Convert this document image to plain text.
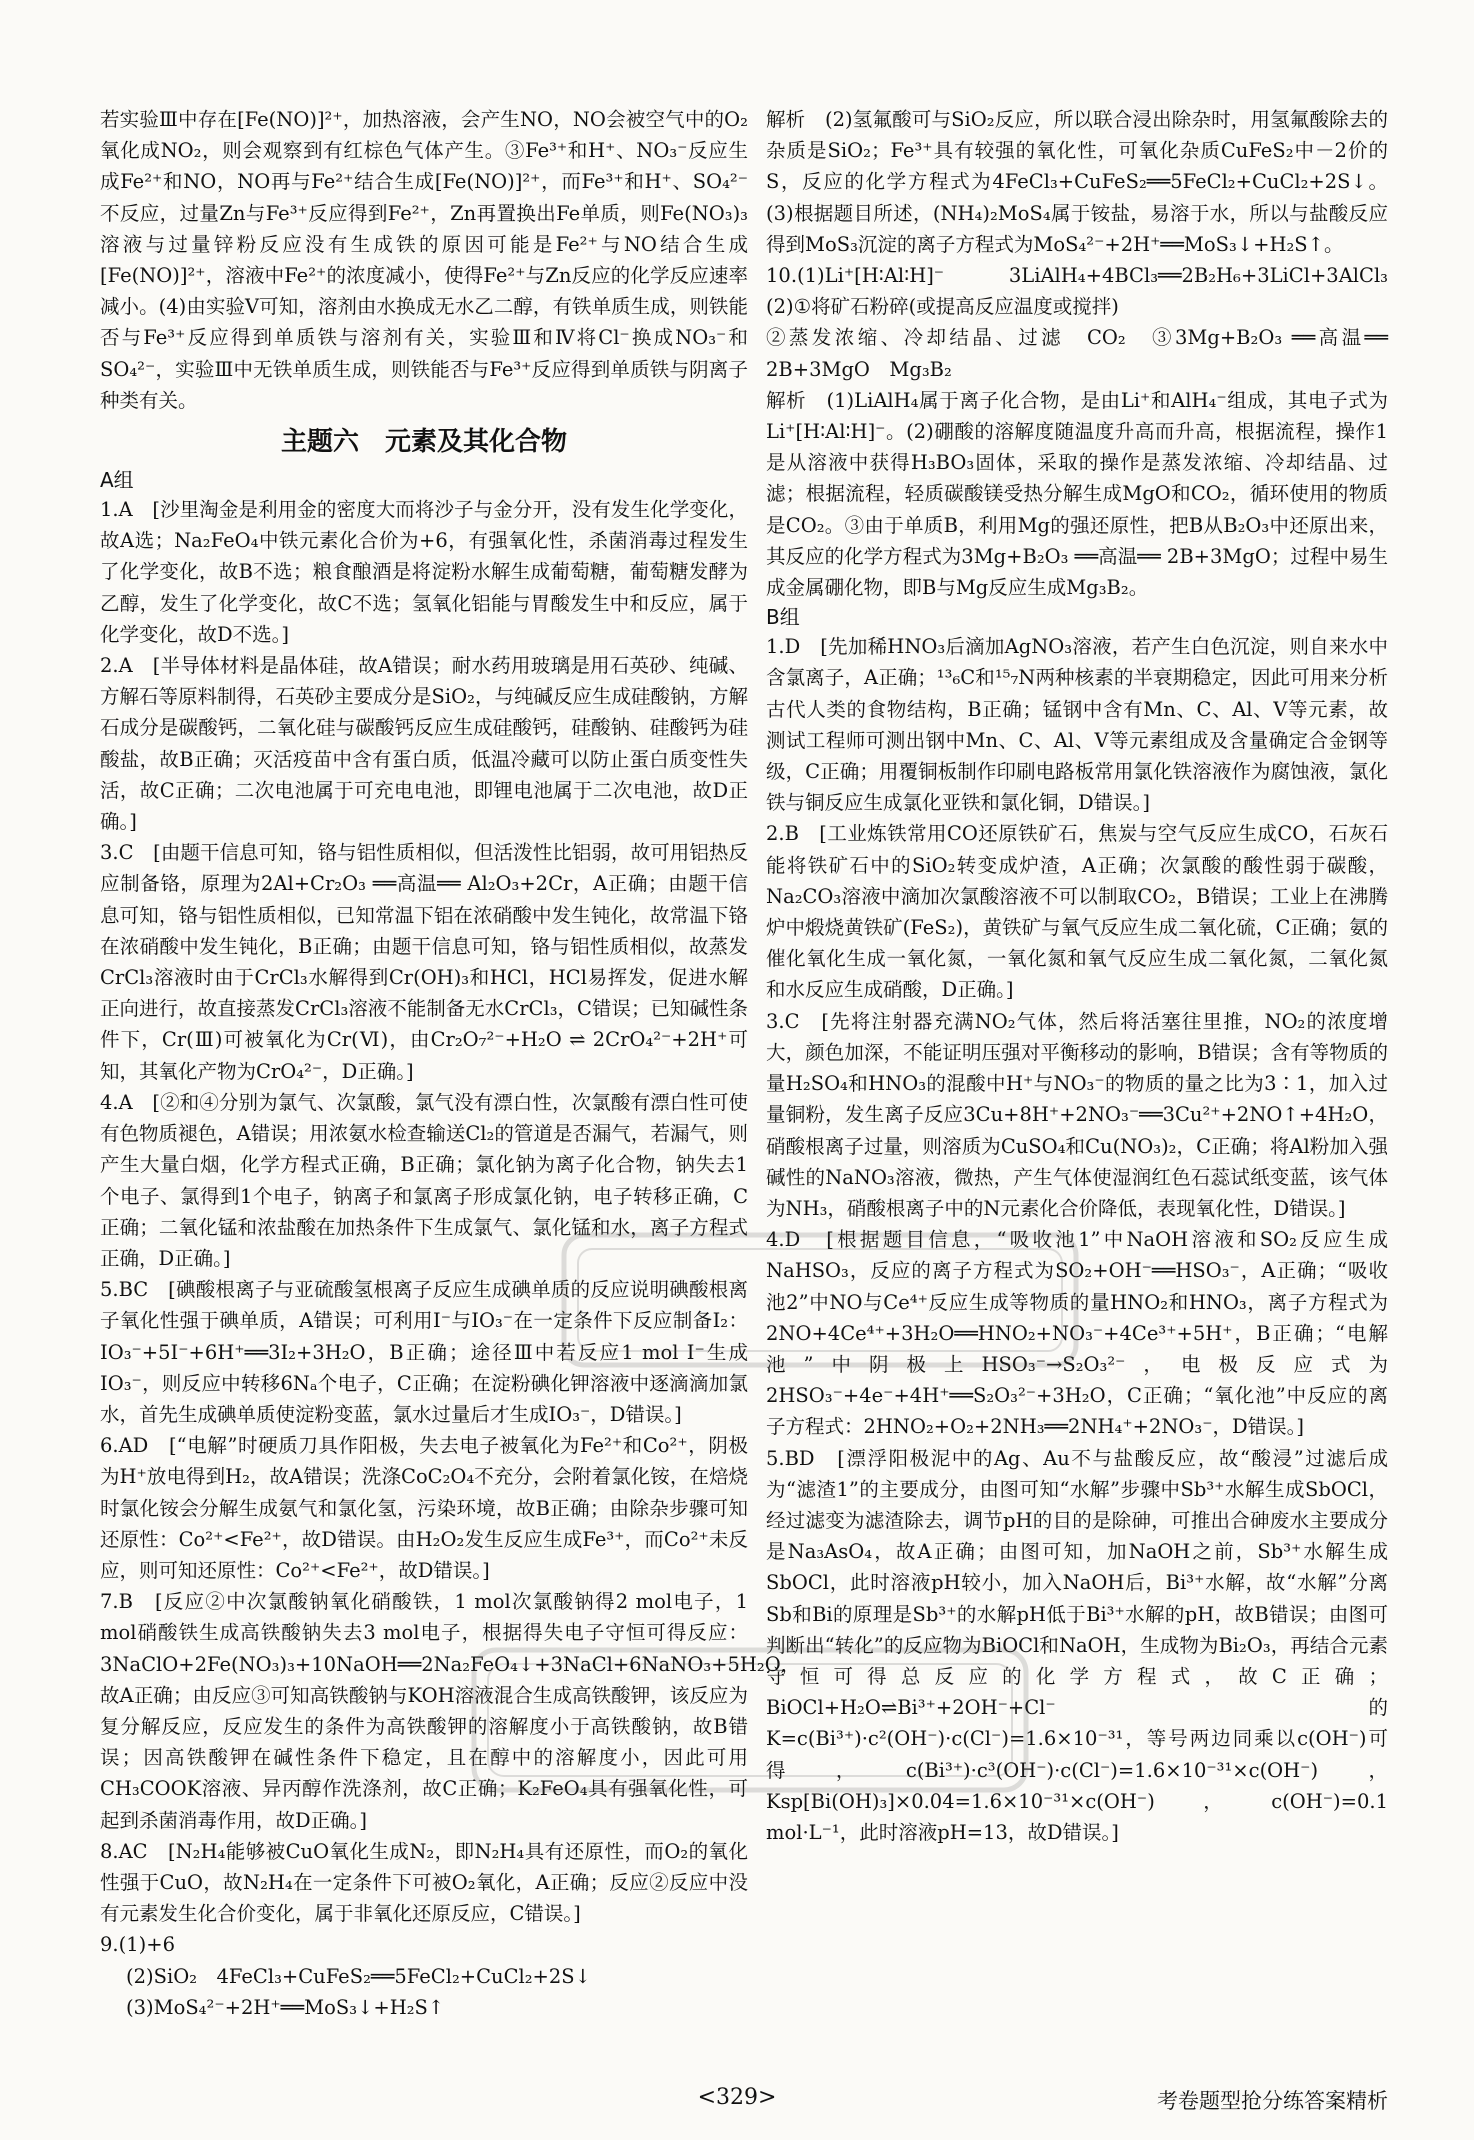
若实验Ⅲ中存在[Fe(NO)]²⁺，加热溶液，会产生NO，NO会被空气中的O₂氧化成NO₂，则会观察到有红棕色气体产生。③Fe³⁺和H⁺、NO₃⁻反应生成Fe²⁺和NO，NO再与Fe²⁺结合生成[Fe(NO)]²⁺，而Fe³⁺和H⁺、SO₄²⁻不反应，过量Zn与Fe³⁺反应得到Fe²⁺，Zn再置换出Fe单质，则Fe(NO₃)₃溶液与过量锌粉反应没有生成铁的原因可能是Fe²⁺与NO结合生成[Fe(NO)]²⁺，溶液中Fe²⁺的浓度减小，使得Fe²⁺与Zn反应的化学反应速率减小。(4)由实验Ⅴ可知，溶剂由水换成无水乙二醇，有铁单质生成，则铁能否与Fe³⁺反应得到单质铁与溶剂有关，实验Ⅲ和Ⅳ将Cl⁻换成NO₃⁻和SO₄²⁻，实验Ⅲ中无铁单质生成，则铁能否与Fe³⁺反应得到单质铁与阴离子种类有关。

主题六　元素及其化合物
A组

1.A　[沙里淘金是利用金的密度大而将沙子与金分开，没有发生化学变化，故A选；Na₂FeO₄中铁元素化合价为+6，有强氧化性，杀菌消毒过程发生了化学变化，故B不选；粮食酿酒是将淀粉水解生成葡萄糖，葡萄糖发酵为乙醇，发生了化学变化，故C不选；氢氧化铝能与胃酸发生中和反应，属于化学变化，故D不选。]

2.A　[半导体材料是晶体硅，故A错误；耐水药用玻璃是用石英砂、纯碱、方解石等原料制得，石英砂主要成分是SiO₂，与纯碱反应生成硅酸钠，方解石成分是碳酸钙，二氧化硅与碳酸钙反应生成硅酸钙，硅酸钠、硅酸钙为硅酸盐，故B正确；灭活疫苗中含有蛋白质，低温冷藏可以防止蛋白质变性失活，故C正确；二次电池属于可充电电池，即锂电池属于二次电池，故D正确。]

3.C　[由题干信息可知，铬与铝性质相似，但活泼性比铝弱，故可用铝热反应制备铬，原理为2Al+Cr₂O₃ ══高温══ Al₂O₃+2Cr，A正确；由题干信息可知，铬与铝性质相似，已知常温下铝在浓硝酸中发生钝化，故常温下铬在浓硝酸中发生钝化，B正确；由题干信息可知，铬与铝性质相似，故蒸发CrCl₃溶液时由于CrCl₃水解得到Cr(OH)₃和HCl，HCl易挥发，促进水解正向进行，故直接蒸发CrCl₃溶液不能制备无水CrCl₃，C错误；已知碱性条件下，Cr(Ⅲ)可被氧化为Cr(Ⅵ)，由Cr₂O₇²⁻+H₂O ⇌ 2CrO₄²⁻+2H⁺可知，其氧化产物为CrO₄²⁻，D正确。]

4.A　[②和④分别为氯气、次氯酸，氯气没有漂白性，次氯酸有漂白性可使有色物质褪色，A错误；用浓氨水检查输送Cl₂的管道是否漏气，若漏气，则产生大量白烟，化学方程式正确，B正确；氯化钠为离子化合物，钠失去1个电子、氯得到1个电子，钠离子和氯离子形成氯化钠，电子转移正确，C正确；二氧化锰和浓盐酸在加热条件下生成氯气、氯化锰和水，离子方程式正确，D正确。]

5.BC　[碘酸根离子与亚硫酸氢根离子反应生成碘单质的反应说明碘酸根离子氧化性强于碘单质，A错误；可利用I⁻与IO₃⁻在一定条件下反应制备I₂：IO₃⁻+5I⁻+6H⁺══3I₂+3H₂O，B正确；途径Ⅲ中若反应1 mol I⁻生成IO₃⁻，则反应中转移6Nₐ个电子，C正确；在淀粉碘化钾溶液中逐滴滴加氯水，首先生成碘单质使淀粉变蓝，氯水过量后才生成IO₃⁻，D错误。]

6.AD　[“电解”时硬质刀具作阳极，失去电子被氧化为Fe²⁺和Co²⁺，阴极为H⁺放电得到H₂，故A错误；洗涤CoC₂O₄不充分，会附着氯化铵，在焙烧时氯化铵会分解生成氨气和氯化氢，污染环境，故B正确；由除杂步骤可知还原性：Co²⁺<Fe²⁺，故D错误。由H₂O₂发生反应生成Fe³⁺，而Co²⁺未反应，则可知还原性：Co²⁺<Fe²⁺，故D错误。]

7.B　[反应②中次氯酸钠氧化硝酸铁，1 mol次氯酸钠得2 mol电子，1 mol硝酸铁生成高铁酸钠失去3 mol电子，根据得失电子守恒可得反应：3NaClO+2Fe(NO₃)₃+10NaOH══2Na₂FeO₄↓+3NaCl+6NaNO₃+5H₂O，故A正确；由反应③可知高铁酸钠与KOH溶液混合生成高铁酸钾，该反应为复分解反应，反应发生的条件为高铁酸钾的溶解度小于高铁酸钠，故B错误；因高铁酸钾在碱性条件下稳定，且在醇中的溶解度小，因此可用CH₃COOK溶液、异丙醇作洗涤剂，故C正确；K₂FeO₄具有强氧化性，可起到杀菌消毒作用，故D正确。]

8.AC　[N₂H₄能够被CuO氧化生成N₂，即N₂H₄具有还原性，而O₂的氧化性强于CuO，故N₂H₄在一定条件下可被O₂氧化，A正确；反应②反应中没有元素发生化合价变化，属于非氧化还原反应，C错误。]

9.(1)+6

(2)SiO₂　4FeCl₃+CuFeS₂══5FeCl₂+CuCl₂+2S↓

(3)MoS₄²⁻+2H⁺══MoS₃↓+H₂S↑

解析　(2)氢氟酸可与SiO₂反应，所以联合浸出除杂时，用氢氟酸除去的杂质是SiO₂；Fe³⁺具有较强的氧化性，可氧化杂质CuFeS₂中－2价的S，反应的化学方程式为4FeCl₃+CuFeS₂══5FeCl₂+CuCl₂+2S↓。(3)根据题目所述，(NH₄)₂MoS₄属于铵盐，易溶于水，所以与盐酸反应得到MoS₃沉淀的离子方程式为MoS₄²⁻+2H⁺══MoS₃↓+H₂S↑。

10.(1)Li⁺[H∶Al∶H]⁻　3LiAlH₄+4BCl₃══2B₂H₆+3LiCl+3AlCl₃　(2)①将矿石粉碎(或提高反应温度或搅拌)

②蒸发浓缩、冷却结晶、过滤　CO₂　③3Mg+B₂O₃ ══高温══ 2B+3MgO　Mg₃B₂

解析　(1)LiAlH₄属于离子化合物，是由Li⁺和AlH₄⁻组成，其电子式为Li⁺[H∶Al∶H]⁻。(2)硼酸的溶解度随温度升高而升高，根据流程，操作1是从溶液中获得H₃BO₃固体，采取的操作是蒸发浓缩、冷却结晶、过滤；根据流程，轻质碳酸镁受热分解生成MgO和CO₂，循环使用的物质是CO₂。③由于单质B，利用Mg的强还原性，把B从B₂O₃中还原出来，其反应的化学方程式为3Mg+B₂O₃ ══高温══ 2B+3MgO；过程中易生成金属硼化物，即B与Mg反应生成Mg₃B₂。

B组

1.D　[先加稀HNO₃后滴加AgNO₃溶液，若产生白色沉淀，则自来水中含氯离子，A正确；¹³₆C和¹⁵₇N两种核素的半衰期稳定，因此可用来分析古代人类的食物结构，B正确；锰钢中含有Mn、C、Al、V等元素，故测试工程师可测出钢中Mn、C、Al、V等元素组成及含量确定合金钢等级，C正确；用覆铜板制作印刷电路板常用氯化铁溶液作为腐蚀液，氯化铁与铜反应生成氯化亚铁和氯化铜，D错误。]

2.B　[工业炼铁常用CO还原铁矿石，焦炭与空气反应生成CO，石灰石能将铁矿石中的SiO₂转变成炉渣，A正确；次氯酸的酸性弱于碳酸，Na₂CO₃溶液中滴加次氯酸溶液不可以制取CO₂，B错误；工业上在沸腾炉中煅烧黄铁矿(FeS₂)，黄铁矿与氧气反应生成二氧化硫，C正确；氨的催化氧化生成一氧化氮，一氧化氮和氧气反应生成二氧化氮，二氧化氮和水反应生成硝酸，D正确。]

3.C　[先将注射器充满NO₂气体，然后将活塞往里推，NO₂的浓度增大，颜色加深，不能证明压强对平衡移动的影响，B错误；含有等物质的量H₂SO₄和HNO₃的混酸中H⁺与NO₃⁻的物质的量之比为3∶1，加入过量铜粉，发生离子反应3Cu+8H⁺+2NO₃⁻══3Cu²⁺+2NO↑+4H₂O，硝酸根离子过量，则溶质为CuSO₄和Cu(NO₃)₂，C正确；将Al粉加入强碱性的NaNO₃溶液，微热，产生气体使湿润红色石蕊试纸变蓝，该气体为NH₃，硝酸根离子中的N元素化合价降低，表现氧化性，D错误。]

4.D　[根据题目信息，“吸收池1”中NaOH溶液和SO₂反应生成NaHSO₃，反应的离子方程式为SO₂+OH⁻══HSO₃⁻，A正确；“吸收池2”中NO与Ce⁴⁺反应生成等物质的量HNO₂和HNO₃，离子方程式为2NO+4Ce⁴⁺+3H₂O══HNO₂+NO₃⁻+4Ce³⁺+5H⁺，B正确；“电解池”中阴极上HSO₃⁻→S₂O₃²⁻，电极反应式为2HSO₃⁻+4e⁻+4H⁺══S₂O₃²⁻+3H₂O，C正确；“氧化池”中反应的离子方程式：2HNO₂+O₂+2NH₃══2NH₄⁺+2NO₃⁻，D错误。]

5.BD　[漂浮阳极泥中的Ag、Au不与盐酸反应，故“酸浸”过滤后成为“滤渣1”的主要成分，由图可知“水解”步骤中Sb³⁺水解生成SbOCl，经过滤变为滤渣除去，调节pH的目的是除砷，可推出合砷废水主要成分是Na₃AsO₄，故A正确；由图可知，加NaOH之前，Sb³⁺水解生成SbOCl，此时溶液pH较小，加入NaOH后，Bi³⁺水解，故“水解”分离Sb和Bi的原理是Sb³⁺的水解pH低于Bi³⁺水解的pH，故B错误；由图可判断出“转化”的反应物为BiOCl和NaOH，生成物为Bi₂O₃，再结合元素守恒可得总反应的化学方程式，故C正确；BiOCl+H₂O⇌Bi³⁺+2OH⁻+Cl⁻的K=c(Bi³⁺)·c²(OH⁻)·c(Cl⁻)=1.6×10⁻³¹，等号两边同乘以c(OH⁻)可得，c(Bi³⁺)·c³(OH⁻)·c(Cl⁻)=1.6×10⁻³¹×c(OH⁻)，Ksp[Bi(OH)₃]×0.04=1.6×10⁻³¹×c(OH⁻)，c(OH⁻)=0.1 mol·L⁻¹，此时溶液pH=13，故D错误。]

<329>	考卷题型抢分练答案精析
